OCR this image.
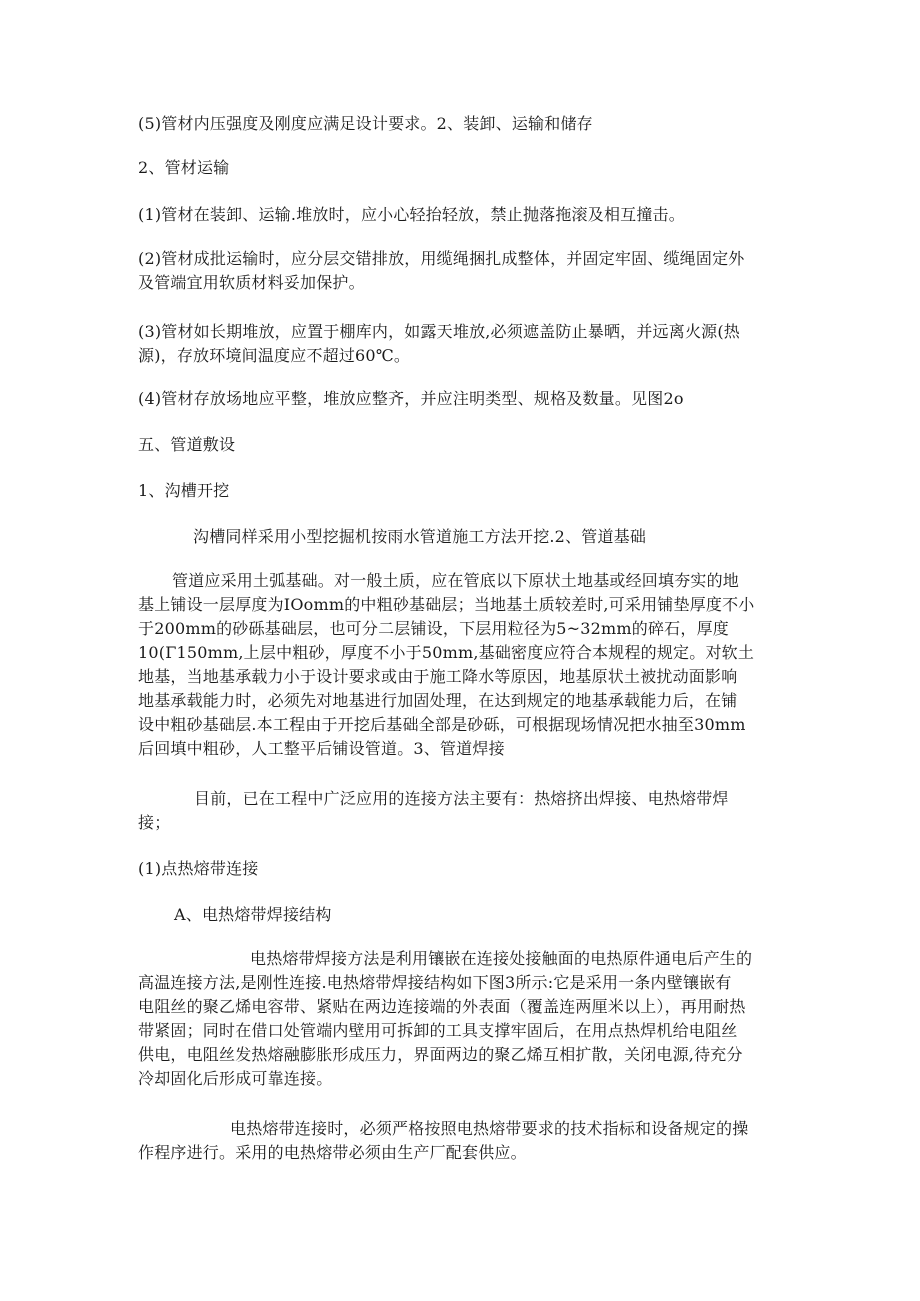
(5)管材内压强度及刚度应满足设计要求。2、装卸、运输和储存

2、管材运输

(1)管材在装卸、运输.堆放时，应小心轻抬轻放，禁止抛落拖滚及相互撞击。

(2)管材成批运输时，应分层交错排放，用缆绳捆扎成整体，并固定牢固、缆绳固定外
及管端宜用软质材料妥加保护。
(3)管材如长期堆放，应置于棚库内，如露天堆放,必须遮盖防止暴晒，并远离火源(热
源)，存放环境间温度应不超过60℃。

(4)管材存放场地应平整，堆放应整齐，并应注明类型、规格及数量。见图2o

五、管道敷设

1、沟槽开挖

沟槽同样采用小型挖掘机按雨水管道施工方法开挖.2、管道基础

管道应采用土弧基础。对一般土质，应在管底以下原状土地基或经回填夯实的地
基上铺设一层厚度为IOomm的中粗砂基础层；当地基土质较差时,可采用铺垫厚度不小
于200mm的砂砾基础层，也可分二层铺设，下层用粒径为5~32mm的碎石，厚度
10(Γ150mm,上层中粗砂，厚度不小于50mm,基础密度应符合本规程的规定。对软土
地基，当地基承载力小于设计要求或由于施工降水等原因，地基原状土被扰动面影响
地基承载能力时，必须先对地基进行加固处理，在达到规定的地基承载能力后，在铺
设中粗砂基础层.本工程由于开挖后基础全部是砂砾，可根据现场情况把水抽至30mm
后回填中粗砂，人工整平后铺设管道。3、管道焊接
目前，已在工程中广泛应用的连接方法主要有：热熔挤出焊接、电热熔带焊
接；

(1)点热熔带连接

A、电热熔带焊接结构

电热熔带焊接方法是利用镶嵌在连接处接触面的电热原件通电后产生的
高温连接方法,是刚性连接.电热熔带焊接结构如下图3所示:它是采用一条内壁镶嵌有
电阻丝的聚乙烯电容带、紧贴在两边连接端的外表面（覆盖连两厘米以上），再用耐热
带紧固；同时在借口处管端内壁用可拆卸的工具支撑牢固后，在用点热焊机给电阻丝
供电，电阻丝发热熔融膨胀形成压力，界面两边的聚乙烯互相扩散，关闭电源,待充分
冷却固化后形成可靠连接。
电热熔带连接时，必须严格按照电热熔带要求的技术指标和设备规定的操
作程序进行。采用的电热熔带必须由生产厂配套供应。
